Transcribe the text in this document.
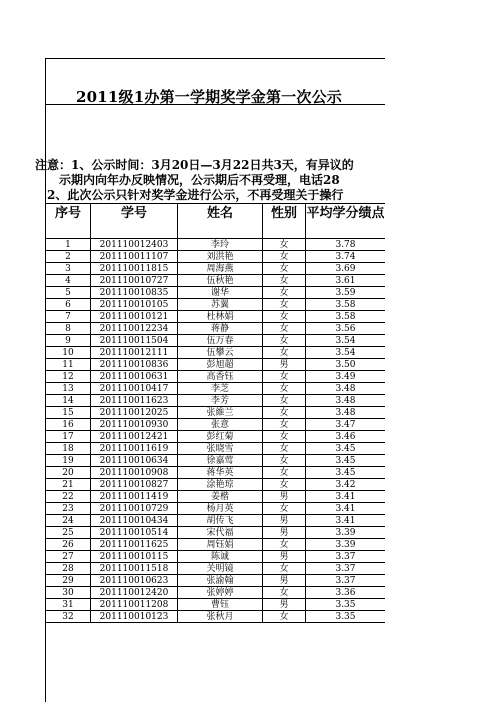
2011级1办第一学期奖学金第一次公示
注意：1、公示时间：3月20日—3月22日共3天，有异议的
示期内向年办反映情况，公示期后不再受理，电话28
2、此次公示只针对奖学金进行公示，不再受理关于操行
序号	学号	姓名	性别	平均学分绩点
1	201110012403	李玲	女	3.78
2	201110011107	刘洪艳	女	3.74
3	201110011815	周海燕	女	3.69
4	201110010727	伍秋艳	女	3.61
5	201110010835	谢华	女	3.59
6	201110010105	苏翼	女	3.58
7	201110010121	杜林娟	女	3.58
8	201110012234	蒋静	女	3.56
9	201110011504	伍万春	女	3.54
10	201110012111	伍攀云	女	3.54
11	201110010836	彭旭超	男	3.50
12	201110010631	高香钰	女	3.49
13	201110010417	李芝	女	3.48
14	201110011623	李芳	女	3.48
15	201110012025	张維兰	女	3.48
16	201110010930	张意	女	3.47
17	201110012421	彭红菊	女	3.46
18	201110011619	张晓雪	女	3.45
19	201110010634	徐嘉莺	女	3.45
20	201110010908	蒋华英	女	3.45
21	201110010827	涂艳琼	女	3.42
22	201110011419	姜楷	男	3.41
23	201110010729	杨月英	女	3.41
24	201110010434	胡传飞	男	3.41
25	201110010514	宋代福	男	3.39
26	201110011625	周钰娟	女	3.39
27	201110010115	陈诚	男	3.37
28	201110011518	关明镜	女	3.37
29	201110010623	张渝翰	男	3.37
30	201110012420	张婷婷	女	3.36
31	201110011208	曹钰	男	3.35
32	201110010123	张秋月	女	3.35
